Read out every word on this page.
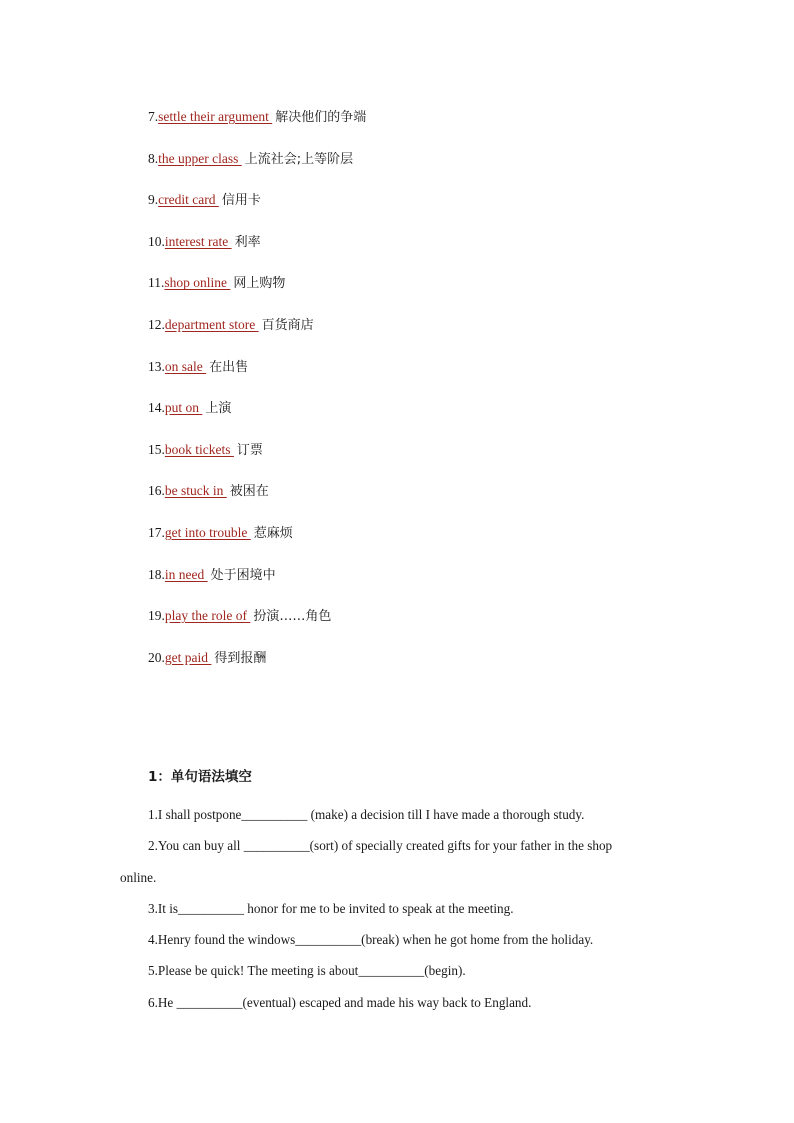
7.settle their argument 解决他们的争端
8.the upper class 上流社会;上等阶层
9.credit card 信用卡
10.interest rate 利率
11.shop online 网上购物
12.department store 百货商店
13.on sale 在出售
14.put on 上演
15.book tickets 订票
16.be stuck in 被困在
17.get into trouble 惹麻烦
18.in need 处于困境中
19.play the role of 扮演……角色
20.get paid 得到报酬
1：单句语法填空

1.I shall postpone__________ (make) a decision till I have made a thorough study.

2.You can buy all __________(sort) of specially created gifts for your father in the shop online.

3.It is__________ honor for me to be invited to speak at the meeting.

4.Henry found the windows__________(break) when he got home from the holiday.

5.Please be quick! The meeting is about__________(begin).

6.He __________(eventual) escaped and made his way back to England.
